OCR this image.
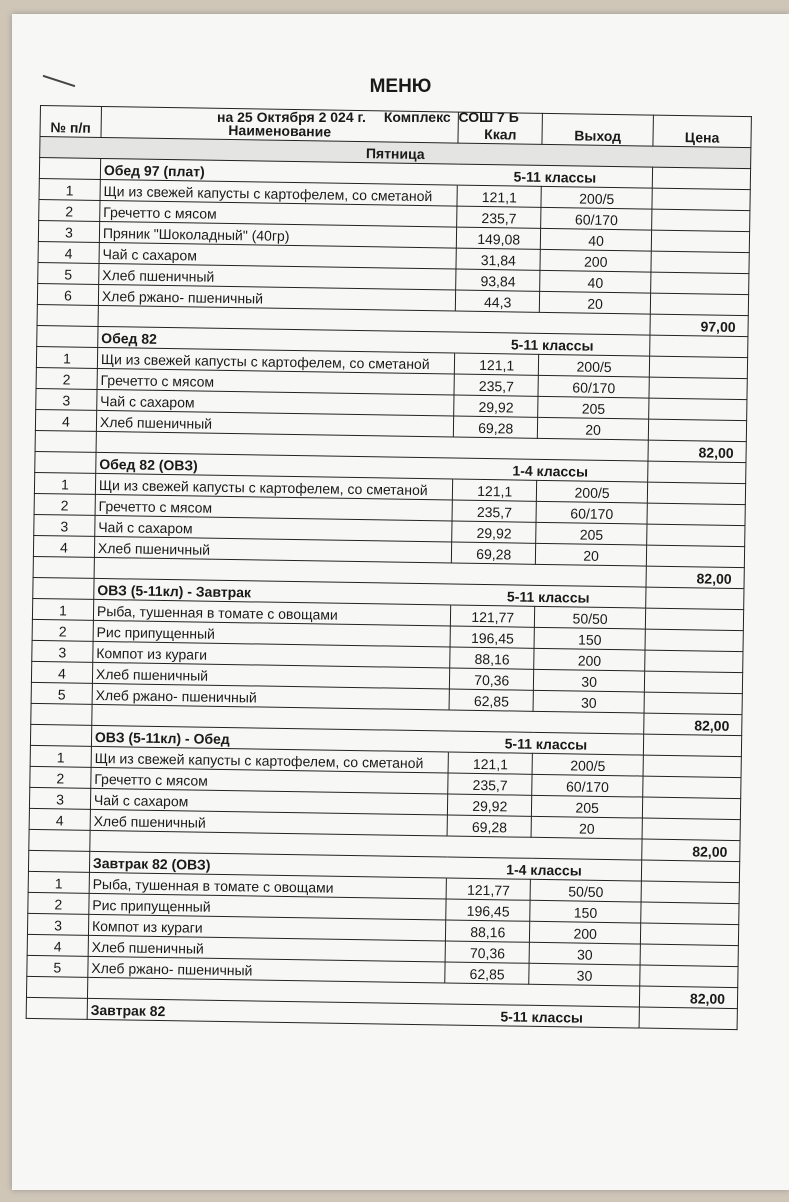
МЕНЮ
на 25 Октября 2 024 г. Комплекс  СОШ 7 Б
№ п/п	Наименование	Ккал	Выход	Цена
Пятница				
	Обед 97 (плат)	5-11 классы		
1	Щи из свежей капусты с картофелем, со сметаной	121,1	200/5	
2	Гречетто с мясом	235,7	60/170	
3	Пряник "Шоколадный" (40гр)	149,08	40	
4	Чай с сахаром	31,84	200	
5	Хлеб пшеничный	93,84	40	
6	Хлеб ржано- пшеничный	44,3	20	
				97,00
	Обед 82	5-11 классы		
1	Щи из свежей капусты с картофелем, со сметаной	121,1	200/5	
2	Гречетто с мясом	235,7	60/170	
3	Чай с сахаром	29,92	205	
4	Хлеб пшеничный	69,28	20	
				82,00
	Обед 82 (ОВЗ)	1-4 классы		
1	Щи из свежей капусты с картофелем, со сметаной	121,1	200/5	
2	Гречетто с мясом	235,7	60/170	
3	Чай с сахаром	29,92	205	
4	Хлеб пшеничный	69,28	20	
				82,00
	ОВЗ (5-11кл) - Завтрак	5-11 классы		
1	Рыба, тушенная в томате с овощами	121,77	50/50	
2	Рис припущенный	196,45	150	
3	Компот из кураги	88,16	200	
4	Хлеб пшеничный	70,36	30	
5	Хлеб ржано- пшеничный	62,85	30	
				82,00
	ОВЗ (5-11кл) - Обед	5-11 классы		
1	Щи из свежей капусты с картофелем, со сметаной	121,1	200/5	
2	Гречетто с мясом	235,7	60/170	
3	Чай с сахаром	29,92	205	
4	Хлеб пшеничный	69,28	20	
				82,00
	Завтрак 82 (ОВЗ)	1-4 классы		
1	Рыба, тушенная в томате с овощами	121,77	50/50	
2	Рис припущенный	196,45	150	
3	Компот из кураги	88,16	200	
4	Хлеб пшеничный	70,36	30	
5	Хлеб ржано- пшеничный	62,85	30	
				82,00
	Завтрак 82	5-11 классы		
